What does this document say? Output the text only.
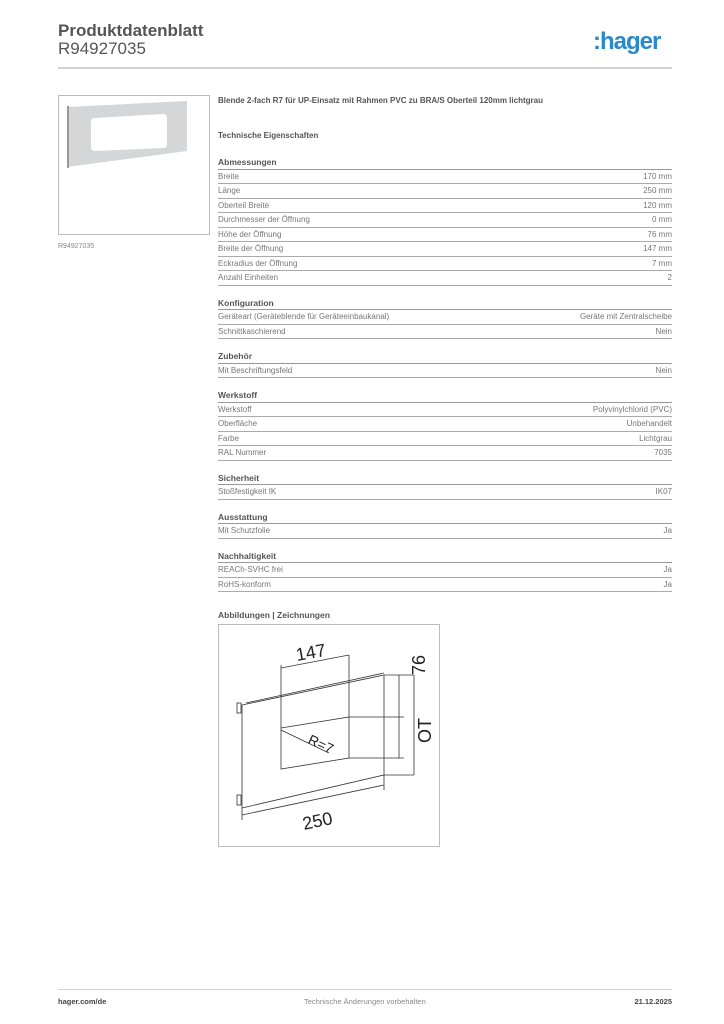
Produktdatenblatt
R94927035	:hager
R94927035
Blende 2-fach R7 für UP-Einsatz mit Rahmen PVC zu BRA/S Oberteil 120mm lichtgrau
Technische Eigenschaften
Abmessungen
Breite	170 mm
Länge	250 mm
Oberteil Breite	120 mm
Durchmesser der Öffnung	0 mm
Höhe der Öffnung	76 mm
Breite der Öffnung	147 mm
Eckradius der Öffnung	7 mm
Anzahl Einheiten	2
Konfiguration
Geräteart (Geräteblende für Geräteeinbaukanal)	Geräte mit Zentralscheibe
Schnittkaschierend	Nein
Zubehör
Mit Beschriftungsfeld	Nein
Werkstoff
Werkstoff	Polyvinylchlorid (PVC)
Oberfläche	Unbehandelt
Farbe	Lichtgrau
RAL Nummer	7035
Sicherheit
Stoßfestigkeit IK	IK07
Ausstattung
Mit Schutzfolie	Ja
Nachhaltigkeit
REACh-SVHC frei	Ja
RoHS-konform	Ja
Abbildungen | Zeichnungen
147
76
OT
R=7
250
hager.com/de	Technische Änderungen vorbehalten	21.12.2025
